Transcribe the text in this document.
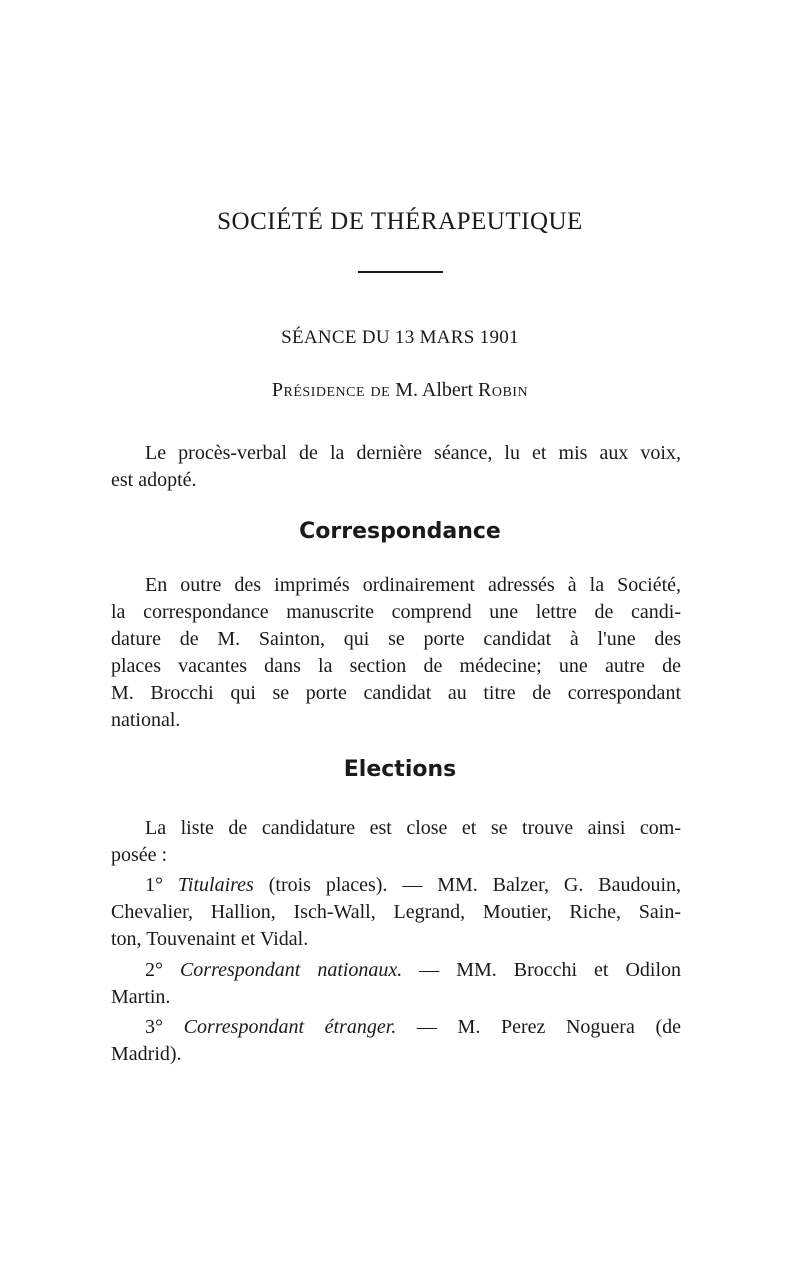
SOCIÉTÉ DE THÉRAPEUTIQUE
SÉANCE DU 13 MARS 1901
Présidence de M. Albert Robin
Le procès-verbal de la dernière séance, lu et mis aux voix,
est adopté.
Correspondance
En outre des imprimés ordinairement adressés à la Société,
la correspondance manuscrite comprend une lettre de candi-
dature de M. Sainton, qui se porte candidat à l'une des
places vacantes dans la section de médecine; une autre de
M. Brocchi qui se porte candidat au titre de correspondant
national.
Elections
La liste de candidature est close et se trouve ainsi com-
posée :
1° Titulaires (trois places). — MM. Balzer, G. Baudouin,
Chevalier, Hallion, Isch-Wall, Legrand, Moutier, Riche, Sain-
ton, Touvenaint et Vidal.
2° Correspondant nationaux. — MM. Brocchi et Odilon
Martin.
3° Correspondant étranger. — M. Perez Noguera (de
Madrid).
